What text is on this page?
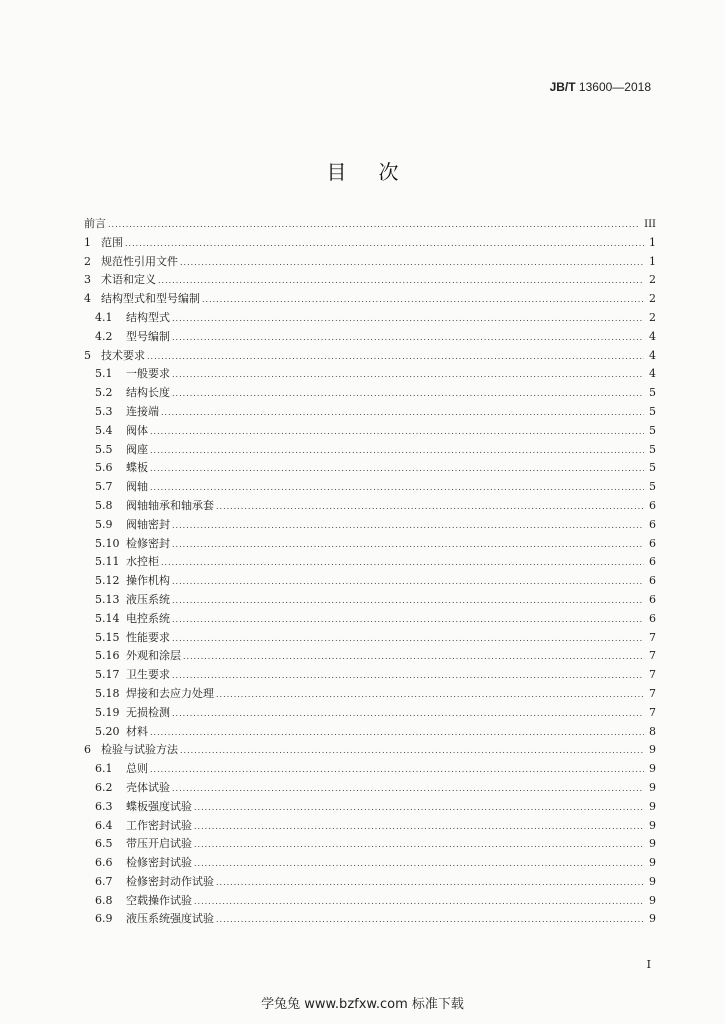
JB/T 13600—2018
目次
前言 .....	III
1 范围 .....	1
2 规范性引用文件 .....	1
3 术语和定义 .....	2
4 结构型式和型号编制 .....	2
4.1	结构型式 .....	2
4.2	型号编制 .....	4
5 技术要求 .....	4
5.1	一般要求 .....	4
5.2	结构长度 .....	5
5.3	连接端 .....	5
5.4	阀体 .....	5
5.5	阀座 .....	5
5.6	蝶板 .....	5
5.7	阀轴 .....	5
5.8	阀轴轴承和轴承套 .....	6
5.9	阀轴密封 .....	6
5.10 检修密封 .....	6
5.11 水控柜 .....	6
5.12 操作机构 .....	6
5.13 液压系统 .....	6
5.14 电控系统 .....	6
5.15 性能要求 .....	7
5.16 外观和涂层 .....	7
5.17 卫生要求 .....	7
5.18 焊接和去应力处理 .....	7
5.19 无损检测 .....	7
5.20 材料 .....	8
6 检验与试验方法 .....	9
6.1	总则 .....	9
6.2	壳体试验 .....	9
6.3	蝶板强度试验 .....	9
6.4	工作密封试验 .....	9
6.5	带压开启试验 .....	9
6.6	检修密封试验 .....	9
6.7	检修密封动作试验 .....	9
6.8	空载操作试验 .....	9
6.9	液压系统强度试验 .....	9
I
学兔兔 www.bzfxw.com 标准下载
